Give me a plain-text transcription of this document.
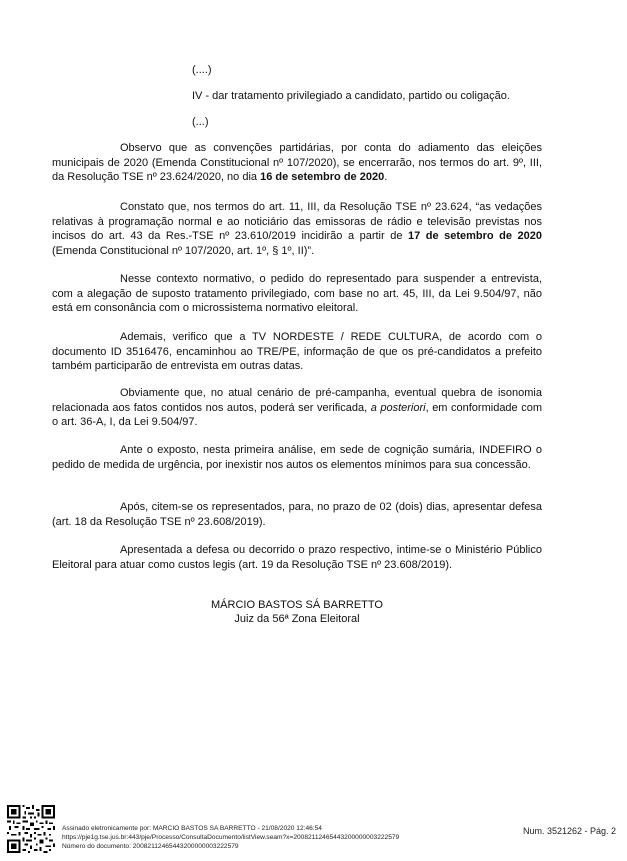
(....)
IV - dar tratamento privilegiado a candidato, partido ou coligação.
(...)
Observo que as convenções partidárias, por conta do adiamento das eleições municipais de 2020 (Emenda Constitucional nº 107/2020), se encerrarão, nos termos do art. 9º, III, da Resolução TSE nº 23.624/2020, no dia 16 de setembro de 2020.
Constato que, nos termos do art. 11, III, da Resolução TSE nº 23.624, “as vedações relativas à programação normal e ao noticiário das emissoras de rádio e televisão previstas nos incisos do art. 43 da Res.-TSE nº 23.610/2019 incidirão a partir de 17 de setembro de 2020 (Emenda Constitucional nº 107/2020, art. 1º, § 1º, II)”.
Nesse contexto normativo, o pedido do representado para suspender a entrevista, com a alegação de suposto tratamento privilegiado, com base no art. 45, III, da Lei 9.504/97, não está em consonância com o microssistema normativo eleitoral.
Ademais, verifico que a TV NORDESTE / REDE CULTURA, de acordo com o documento ID 3516476, encaminhou ao TRE/PE, informação de que os pré-candidatos a prefeito também participarão de entrevista em outras datas.
Obviamente que, no atual cenário de pré-campanha, eventual quebra de isonomia relacionada aos fatos contidos nos autos, poderá ser verificada, a posteriori, em conformidade com o art. 36-A, I, da Lei 9.504/97.
Ante o exposto, nesta primeira análise, em sede de cognição sumária, INDEFIRO o pedido de medida de urgência, por inexistir nos autos os elementos mínimos para sua concessão.
Após, citem-se os representados, para, no prazo de 02 (dois) dias, apresentar defesa (art. 18 da Resolução TSE nº 23.608/2019).
Apresentada a defesa ou decorrido o prazo respectivo, intime-se o Ministério Público Eleitoral para atuar como custos legis (art. 19 da Resolução TSE nº 23.608/2019).
MÁRCIO BASTOS SÁ BARRETTO
Juiz da 56ª Zona Eleitoral
Assinado eletronicamente por: MARCIO BASTOS SA BARRETTO - 21/08/2020 12:46:54
https://pje1g.tse.jus.br:443/pje/Processo/ConsultaDocumento/listView.seam?x=20082112465443200000003222579
Número do documento: 20082112465443200000003222579
Num. 3521262 - Pág. 2
